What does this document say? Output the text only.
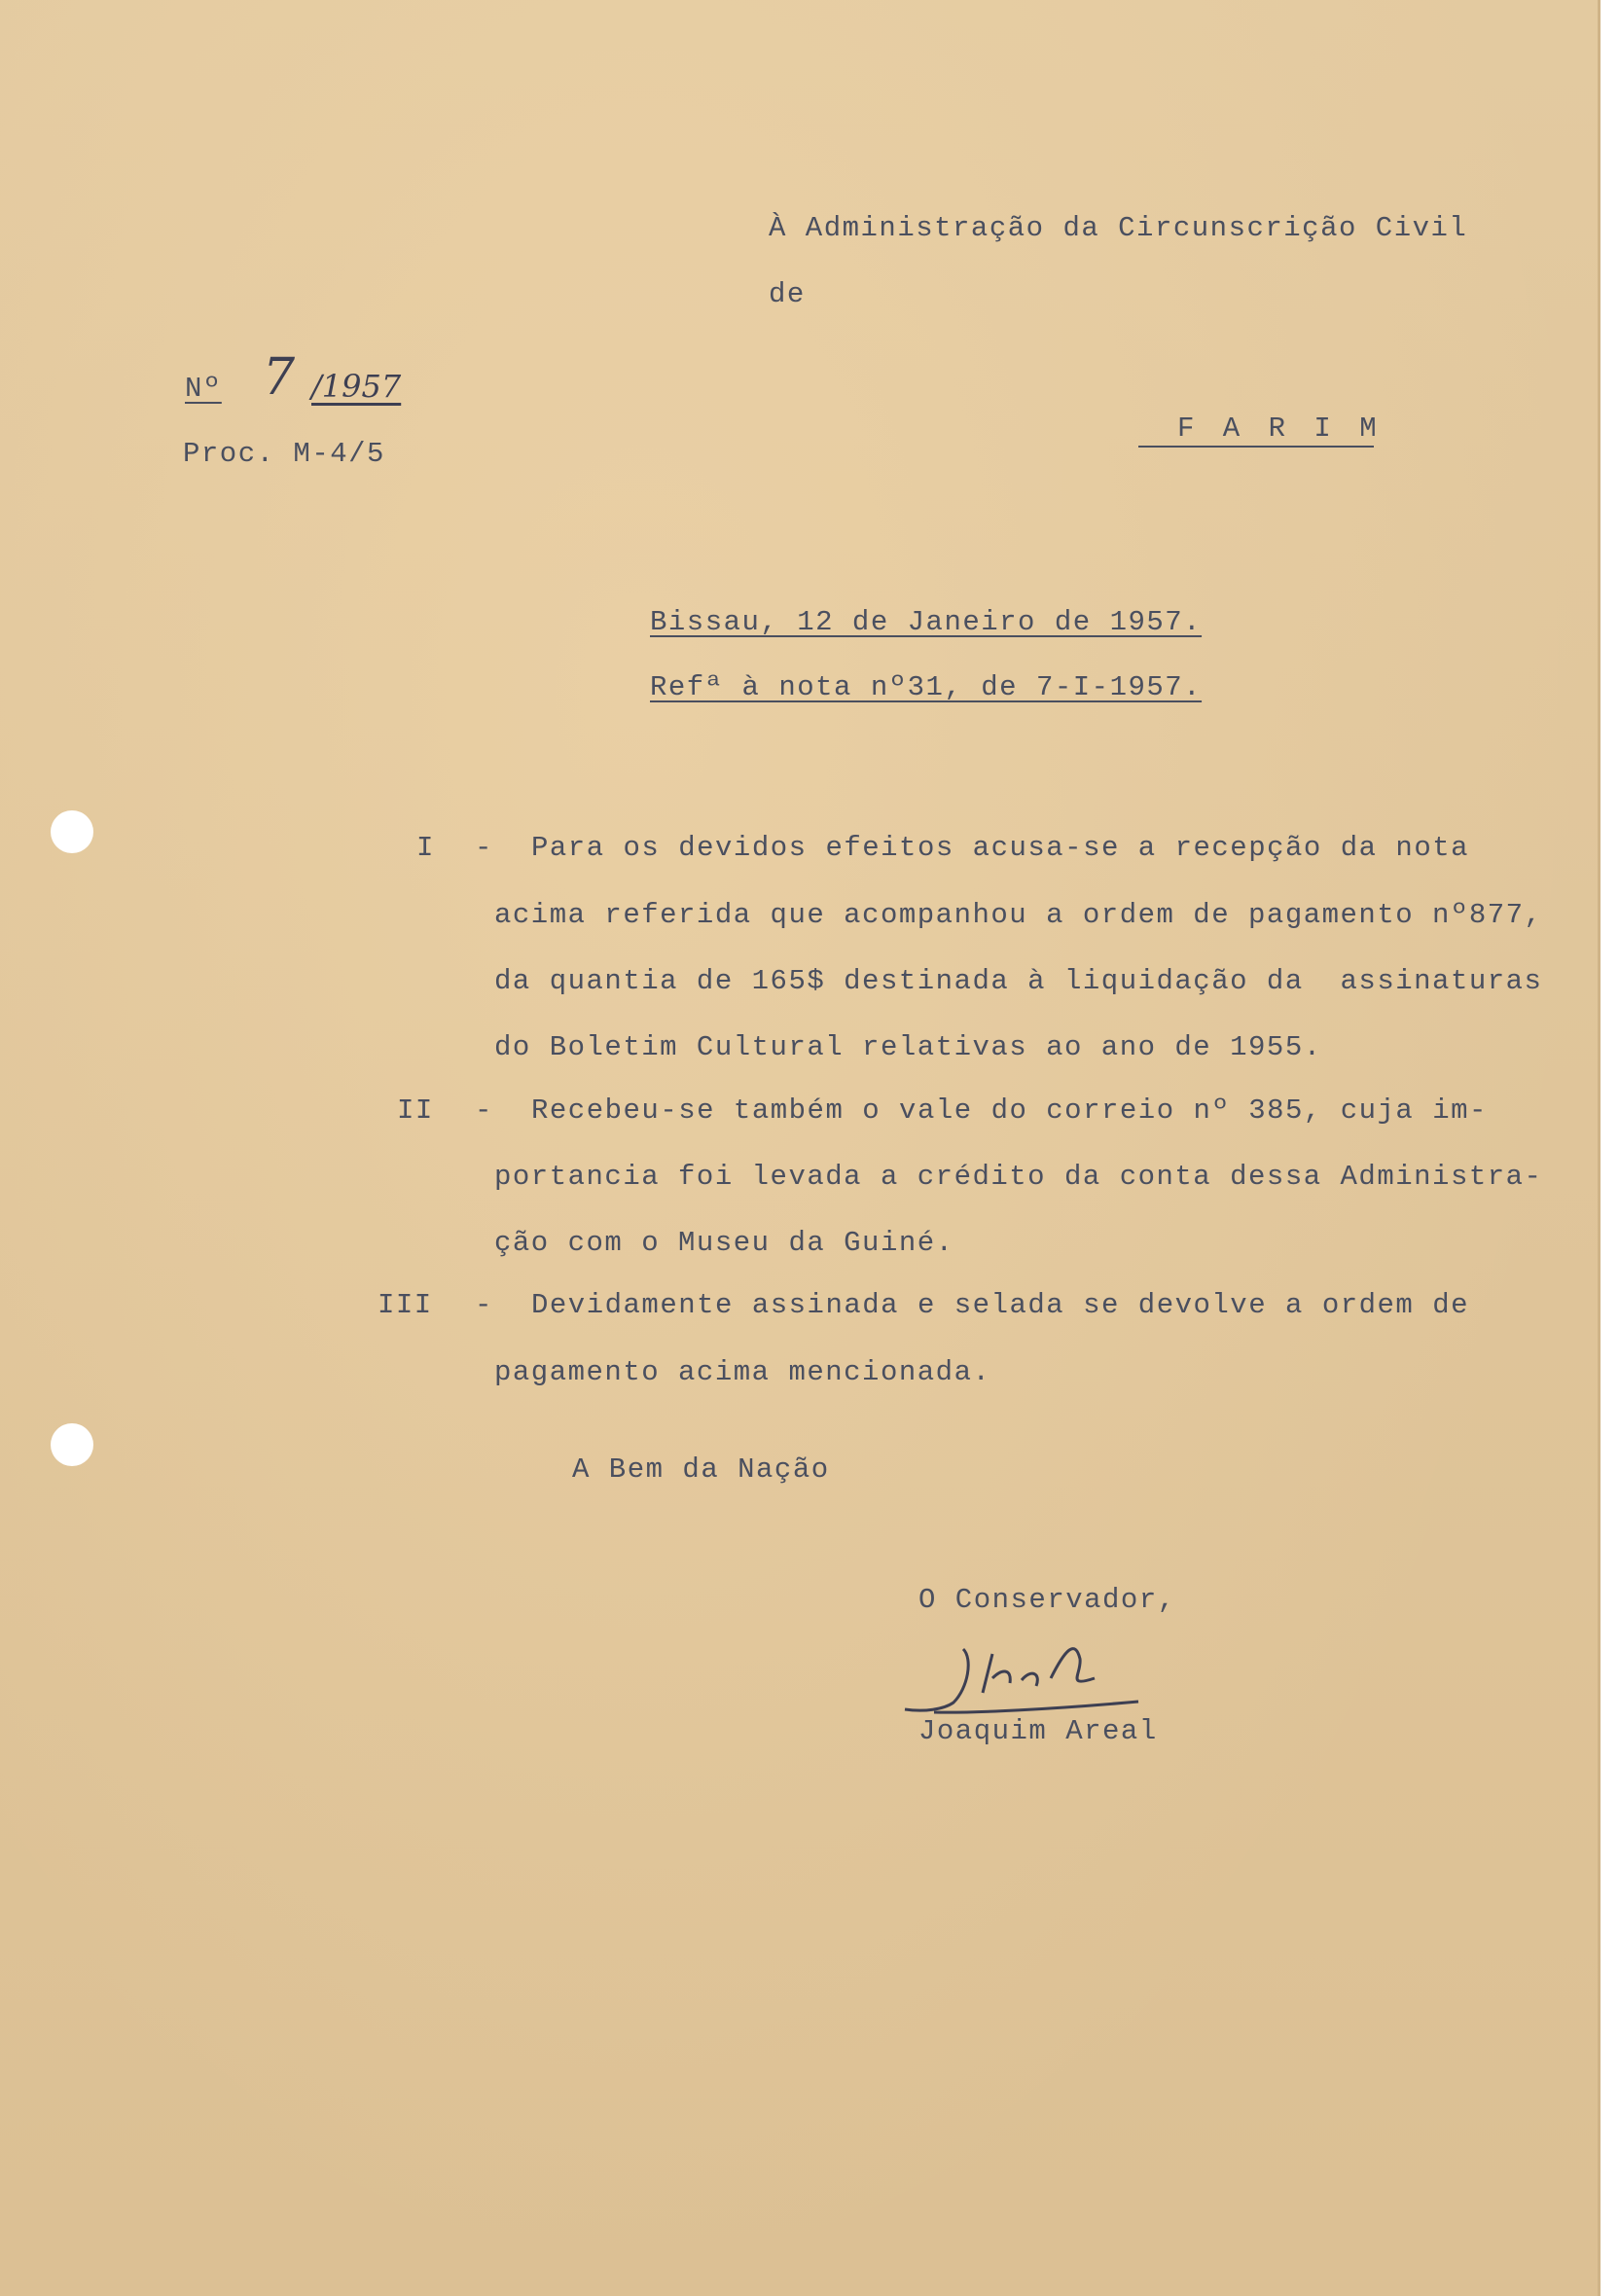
À Administração da Circunscrição Civil
de
F A R I M
Nº 7 /1957
Proc. M-4/5
Bissau, 12 de Janeiro de 1957.
Refª à nota nº31, de 7-I-1957.
I - Para os devidos efeitos acusa-se a recepção da nota
acima referida que acompanhou a ordem de pagamento nº877,
da quantia de 165$ destinada à liquidação da  assinaturas
do Boletim Cultural relativas ao ano de 1955.
II - Recebeu-se também o vale do correio nº 385, cuja im-
portancia foi levada a crédito da conta dessa Administra-
ção com o Museu da Guiné.
III - Devidamente assinada e selada se devolve a ordem de
pagamento acima mencionada.
A Bem da Nação
O Conservador,
Joaquim Areal
